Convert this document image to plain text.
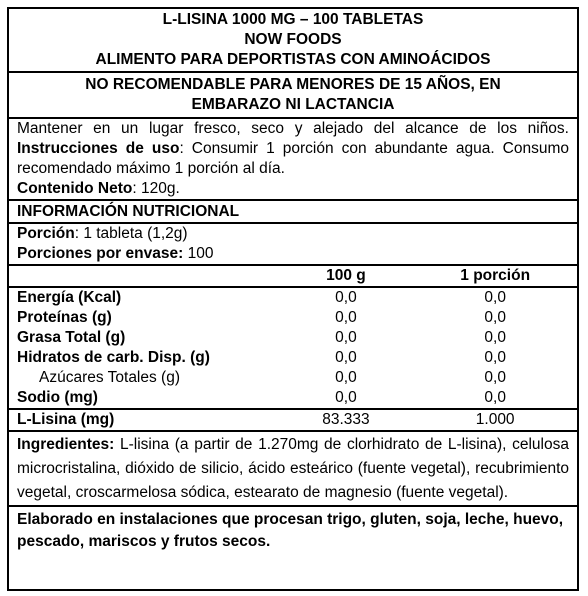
L-LISINA 1000 MG – 100 TABLETAS
NOW FOODS
ALIMENTO PARA DEPORTISTAS CON AMINOÁCIDOS
NO RECOMENDABLE PARA MENORES DE 15 AÑOS, EN EMBARAZO NI LACTANCIA
Mantener en un lugar fresco, seco y alejado del alcance de los niños. Instrucciones de uso: Consumir 1 porción con abundante agua. Consumo recomendado máximo 1 porción al día.
Contenido Neto: 120g.
INFORMACIÓN NUTRICIONAL
Porción: 1 tableta (1,2g)
Porciones por envase: 100
	100 g	1 porción
Energía (Kcal)	0,0	0,0
Proteínas (g)	0,0	0,0
Grasa Total (g)	0,0	0,0
Hidratos de carb. Disp. (g)	0,0	0,0
Azúcares Totales (g)	0,0	0,0
Sodio (mg)	0,0	0,0
L-Lisina (mg)	83.333	1.000
Ingredientes: L-lisina (a partir de 1.270mg de clorhidrato de L-lisina), celulosa microcristalina, dióxido de silicio, ácido esteárico (fuente vegetal), recubrimiento vegetal, croscarmelosa sódica, estearato de magnesio (fuente vegetal).
Elaborado en instalaciones que procesan trigo, gluten, soja, leche, huevo, pescado, mariscos y frutos secos.
